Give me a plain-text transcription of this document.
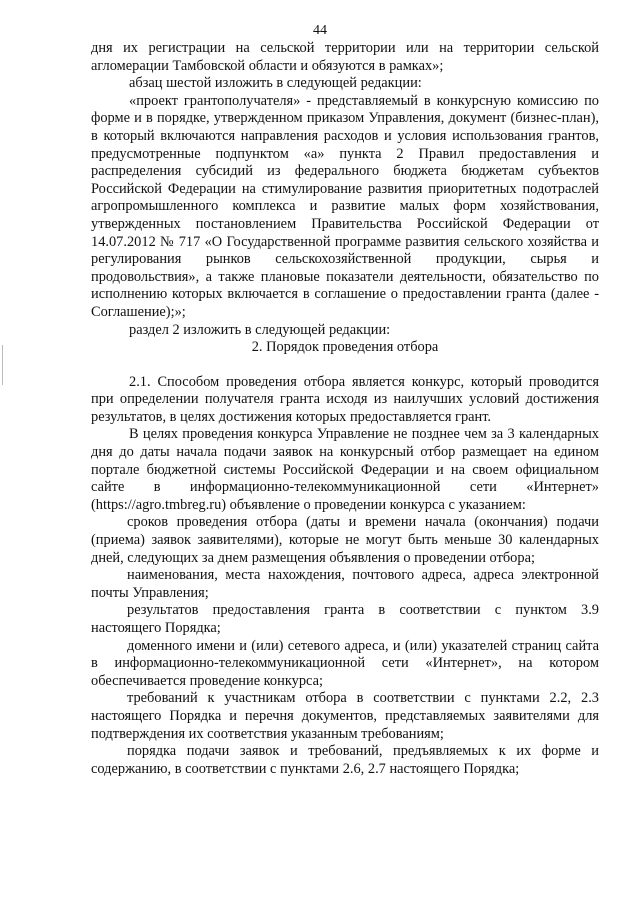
44

дня их регистрации на сельской территории или на территории сельской агломерации Тамбовской области и обязуются в рамках»;

абзац шестой изложить в следующей редакции:

«проект грантополучателя» - представляемый в конкурсную комиссию по форме и в порядке, утвержденном приказом Управления, документ (бизнес-план), в который включаются направления расходов и условия использования грантов, предусмотренные подпунктом «а» пункта 2 Правил предоставления и распределения субсидий из федерального бюджета бюджетам субъектов Российской Федерации на стимулирование развития приоритетных подотраслей агропромышленного комплекса и развитие малых форм хозяйствования, утвержденных постановлением Правительства Российской Федерации от 14.07.2012 № 717 «О Государственной программе развития сельского хозяйства и регулирования рынков сельскохозяйственной продукции, сырья и продовольствия», а также плановые показатели деятельности, обязательство по исполнению которых включается в соглашение о предоставлении гранта (далее - Соглашение);»;

раздел 2 изложить в следующей редакции:

2. Порядок проведения отбора

2.1. Способом проведения отбора является конкурс, который проводится при определении получателя гранта исходя из наилучших условий достижения результатов, в целях достижения которых предоставляется грант.

В целях проведения конкурса Управление не позднее чем за 3 календарных дня до даты начала подачи заявок на конкурсный отбор размещает на едином портале бюджетной системы Российской Федерации и на своем официальном сайте в информационно-телекоммуникационной сети «Интернет» (https://agro.tmbreg.ru) объявление о проведении конкурса с указанием:

сроков проведения отбора (даты и времени начала (окончания) подачи (приема) заявок заявителями), которые не могут быть меньше 30 календарных дней, следующих за днем размещения объявления о проведении отбора;

наименования, места нахождения, почтового адреса, адреса электронной почты Управления;

результатов предоставления гранта в соответствии с пунктом 3.9 настоящего Порядка;

доменного имени и (или) сетевого адреса, и (или) указателей страниц сайта в информационно-телекоммуникационной сети «Интернет», на котором обеспечивается проведение конкурса;

требований к участникам отбора в соответствии с пунктами 2.2, 2.3 настоящего Порядка и перечня документов, представляемых заявителями для подтверждения их соответствия указанным требованиям;

порядка подачи заявок и требований, предъявляемых к их форме и содержанию, в соответствии с пунктами 2.6, 2.7 настоящего Порядка;
